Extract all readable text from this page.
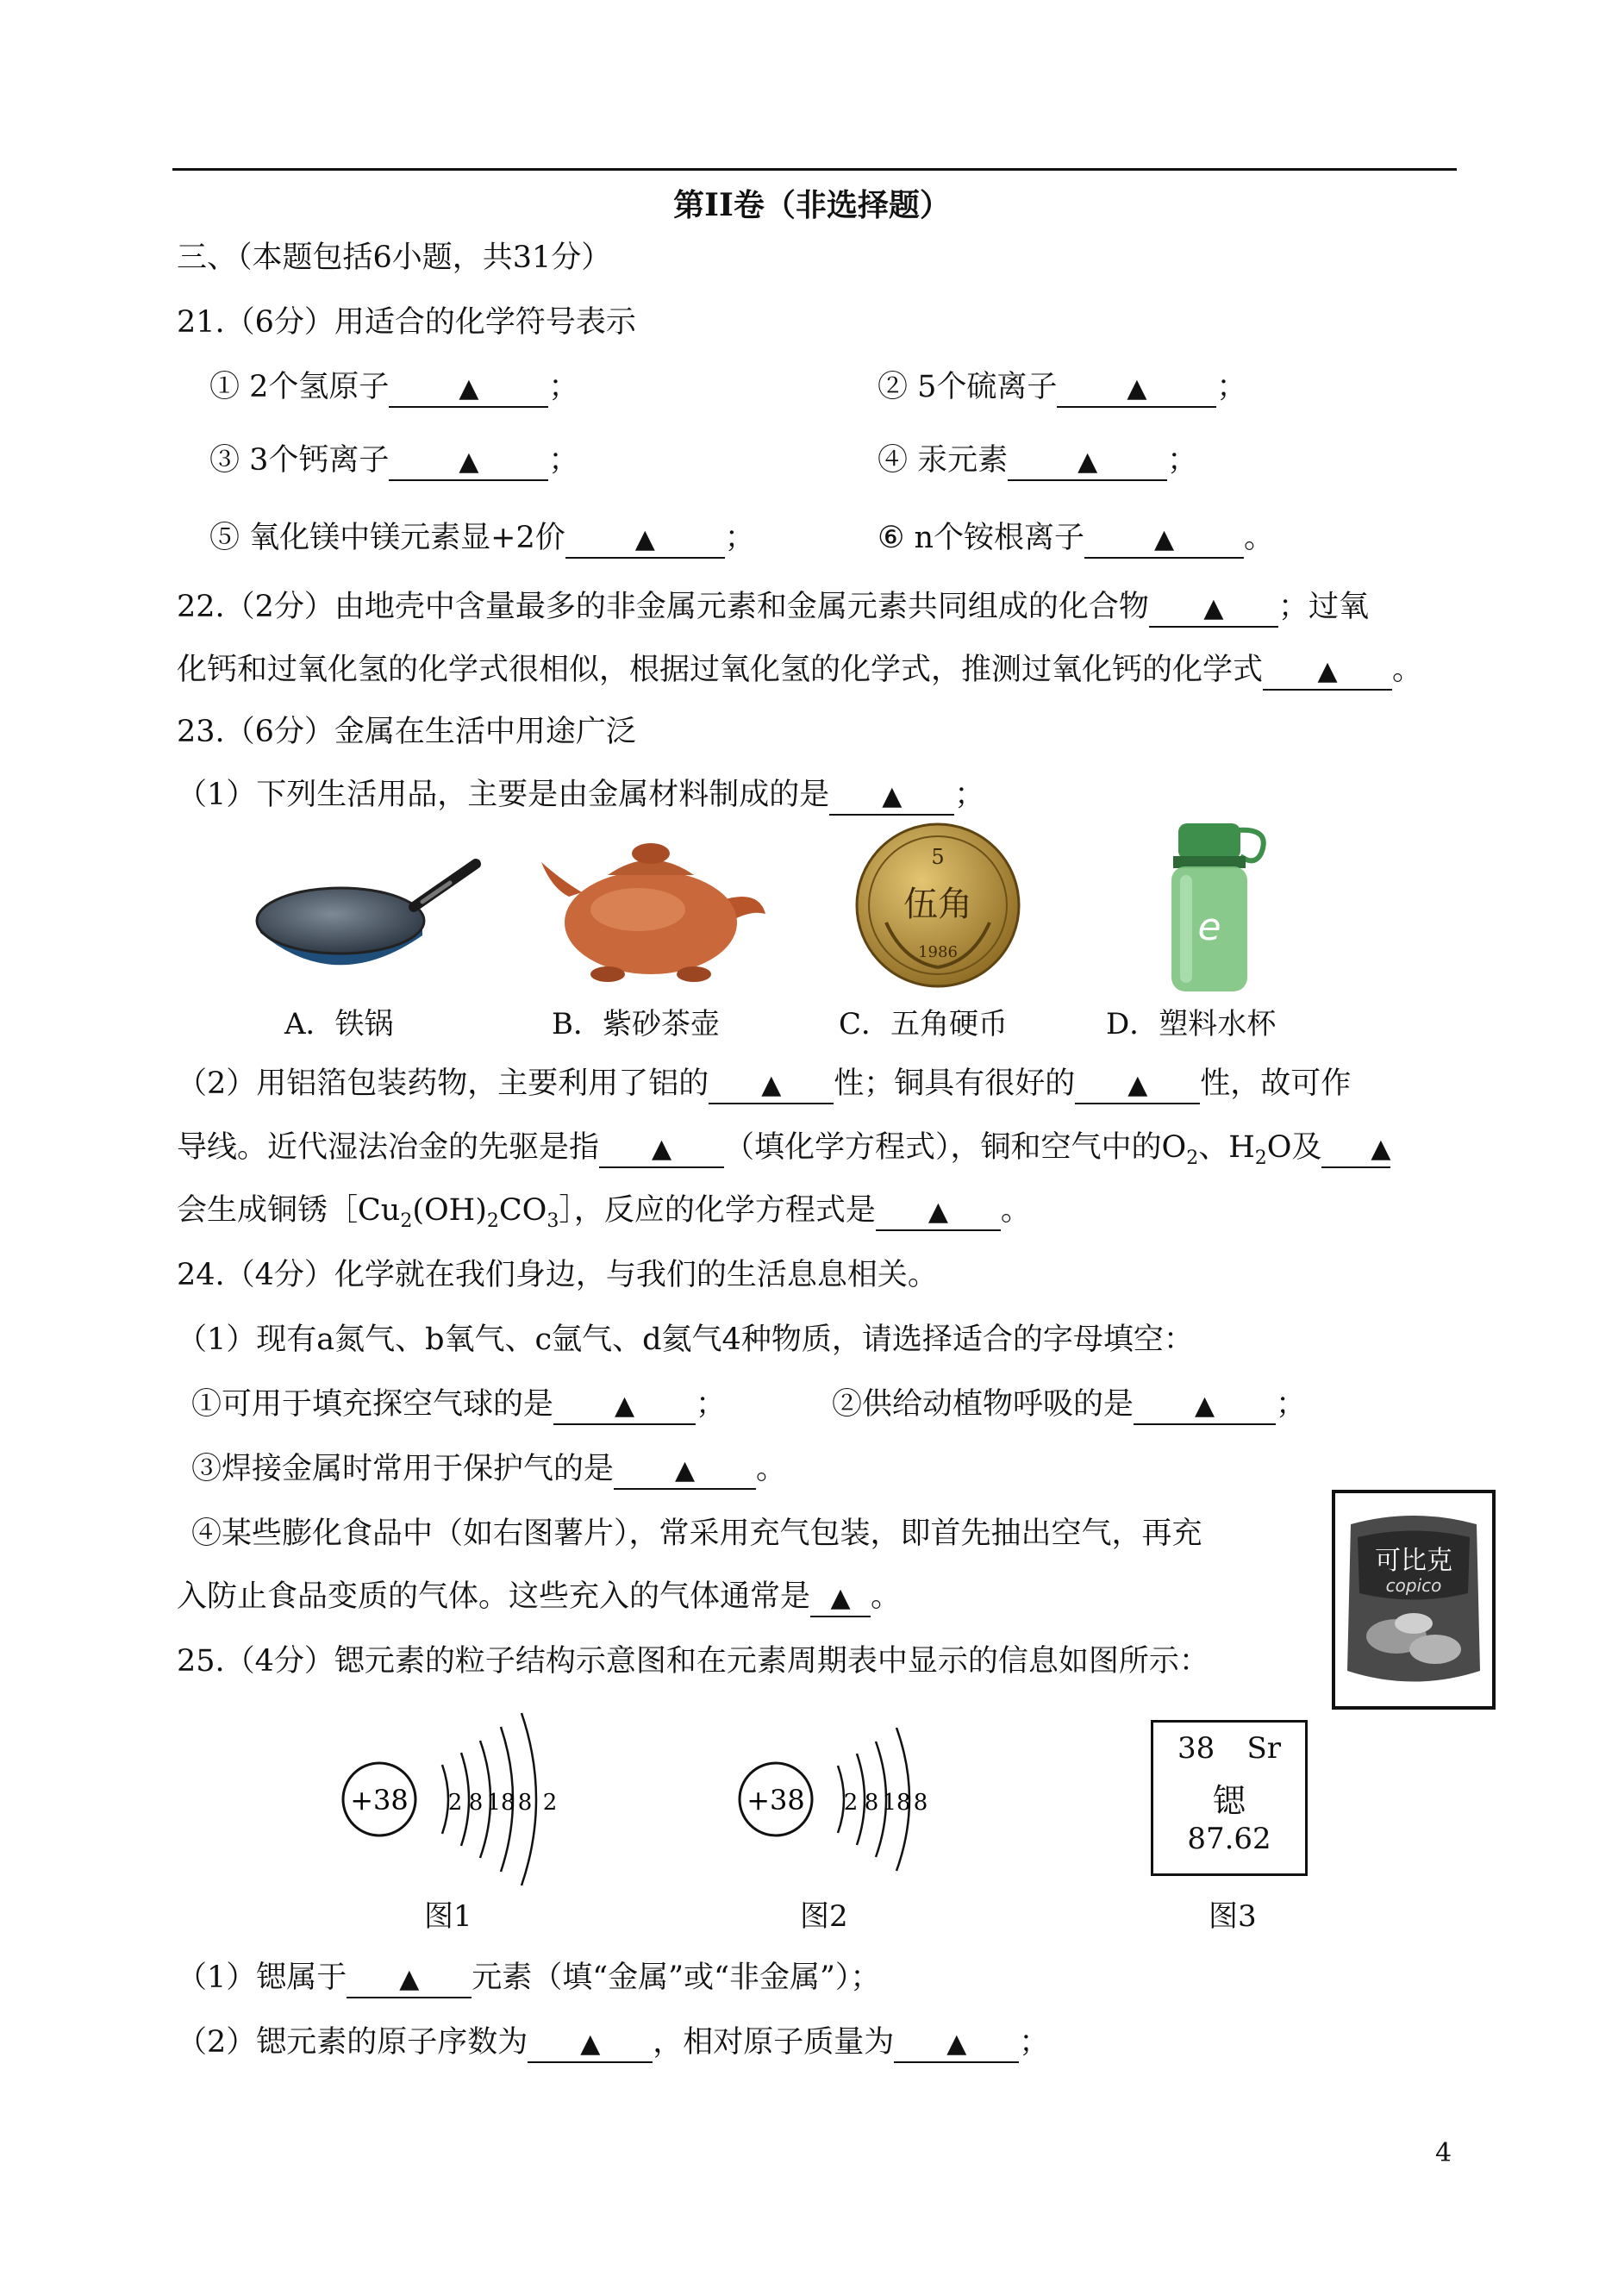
第II卷（非选择题）
三、（本题包括6小题，共31分）
21.（6分）用适合的化学符号表示
① 2个氢原子	▲ ；	② 5个硫离子	▲ ；
③ 3个钙离子	▲ ；	④ 汞元素	▲ ；
⑤ 氧化镁中镁元素显+2价	▲ ；	⑥ n个铵根离子	▲ 。
22.（2分）由地壳中含量最多的非金属元素和金属元素共同组成的化合物 ▲ ；过氧
化钙和过氧化氢的化学式很相似，根据过氧化氢的化学式，推测过氧化钙的化学式 ▲ 。
23.（6分）金属在生活中用途广泛
（1）下列生活用品，主要是由金属材料制成的是 ▲ ；
5
伍角
1986
e
A．铁锅	B．紫砂茶壶	C．五角硬币	D．塑料水杯
（2）用铝箔包装药物，主要利用了铝的 ▲ 性；铜具有很好的 ▲ 性，故可作
导线。近代湿法冶金的先驱是指 ▲ （填化学方程式），铜和空气中的$O_2$、$H_2O$及 ▲
会生成铜锈$[Cu_2(OH)_2CO_3]$，反应的化学方程式是 ▲ 。
24.（4分）化学就在我们身边，与我们的生活息息相关。
（1）现有a氮气、b氧气、c氩气、d氦气4种物质，请选择适合的字母填空：
①可用于填充探空气球的是 ▲ ；	②供给动植物呼吸的是 ▲ ；
③焊接金属时常用于保护气的是 ▲ 。
④某些膨化食品中（如右图薯片），常采用充气包装，即首先抽出空气，再充
入防止食品变质的气体。这些充入的气体通常是 ▲ 。
可比克
copico
25.（4分）锶元素的粒子结构示意图和在元素周期表中显示的信息如图所示：
+38 2 8 18 8 2	+38 2 8 18 8
38 Sr
锶
87.62
图1	图2	图3
（1）锶属于 ▲ 元素（填“金属”或“非金属”）；
（2）锶元素的原子序数为 ▲ ，相对原子质量为 ▲ ；
4
